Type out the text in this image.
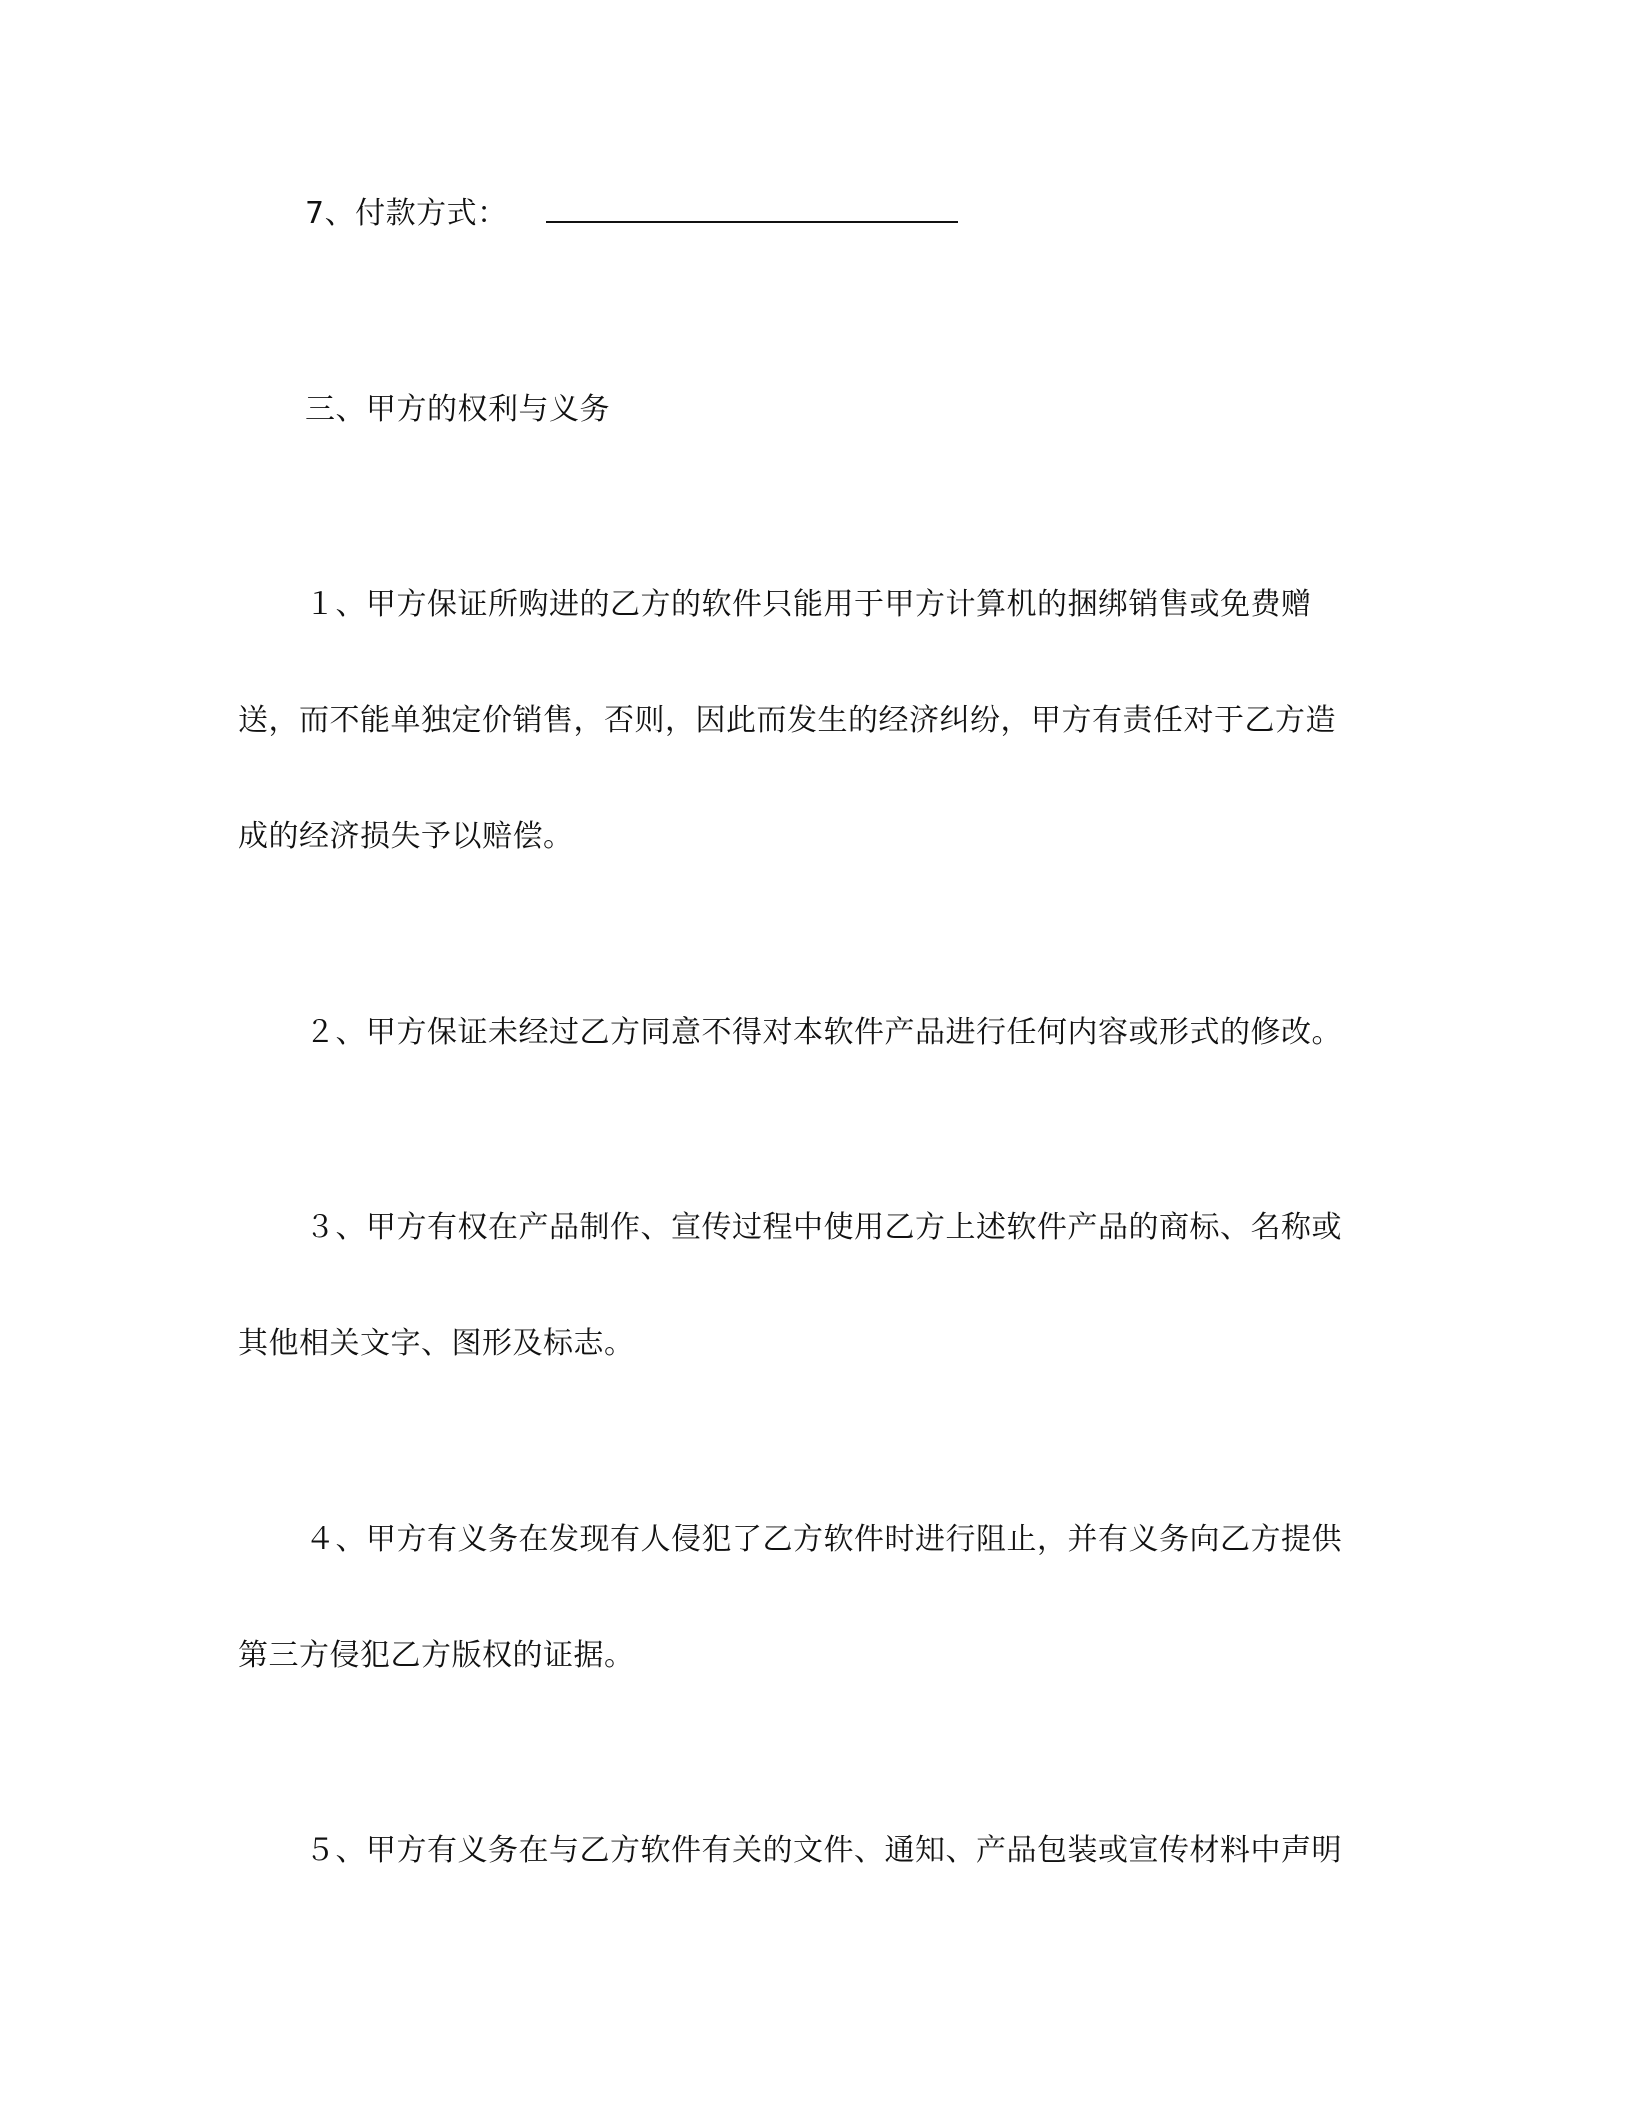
7、付款方式：
三、甲方的权利与义务
１、甲方保证所购进的乙方的软件只能用于甲方计算机的捆绑销售或免费赠
送，而不能单独定价销售，否则，因此而发生的经济纠纷，甲方有责任对于乙方造
成的经济损失予以赔偿。
２、甲方保证未经过乙方同意不得对本软件产品进行任何内容或形式的修改。
３、甲方有权在产品制作、宣传过程中使用乙方上述软件产品的商标、名称或
其他相关文字、图形及标志。
４、甲方有义务在发现有人侵犯了乙方软件时进行阻止，并有义务向乙方提供
第三方侵犯乙方版权的证据。
５、甲方有义务在与乙方软件有关的文件、通知、产品包装或宣传材料中声明
